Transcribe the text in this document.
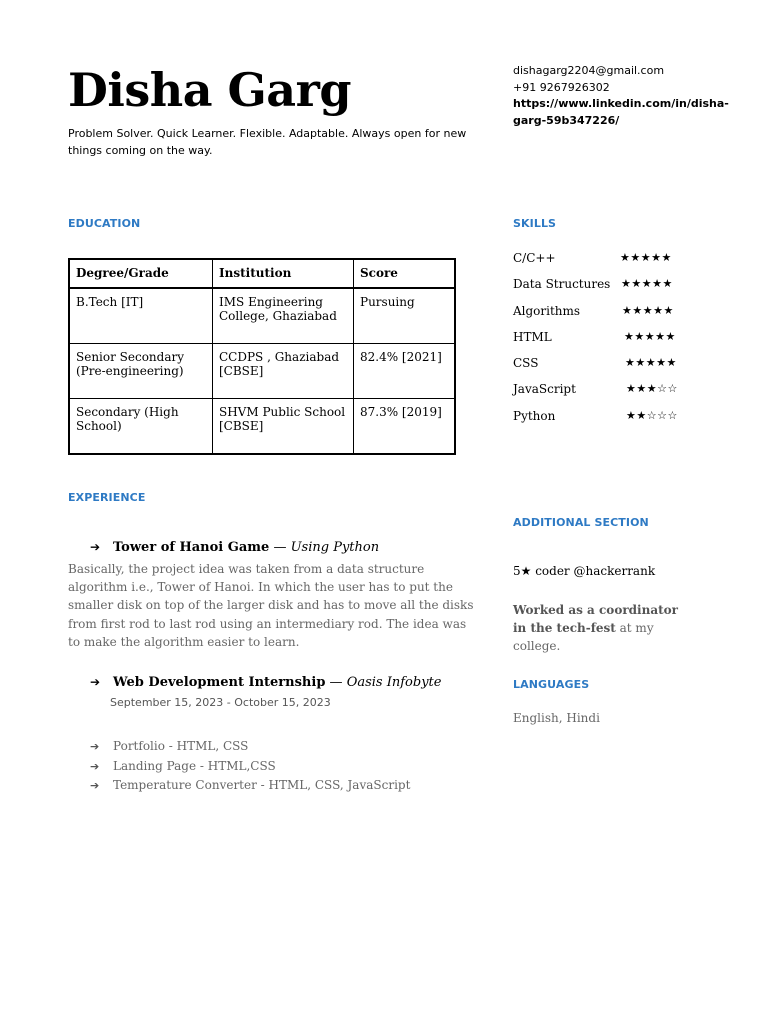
Disha Garg

Problem Solver. Quick Learner. Flexible. Adaptable. Always open for new things coming on the way.

dishagarg2204@gmail.com
+91 9267926302
https://www.linkedin.com/in/disha-garg-59b347226/
EDUCATION
Degree/Grade	Institution	Score
B.Tech [IT]	IMS Engineering College, Ghaziabad	Pursuing
Senior Secondary (Pre-engineering)	CCDPS , Ghaziabad [CBSE]	82.4% [2021]
Secondary (High School)	SHVM Public School [CBSE]	87.3% [2019]
EXPERIENCE
➔ Tower of Hanoi Game — Using Python

Basically, the project idea was taken from a data structure algorithm i.e., Tower of Hanoi. In which the user has to put the smaller disk on top of the larger disk and has to move all the disks from first rod to last rod using an intermediary rod. The idea was to make the algorithm easier to learn.

➔ Web Development Internship — Oasis Infobyte
September 15, 2023 - October 15, 2023
➔ Portfolio - HTML, CSS
➔ Landing Page - HTML,CSS
➔ Temperature Converter - HTML, CSS, JavaScript
SKILLS
C/C++	★★★★★
Data Structures ★★★★★
Algorithms	★★★★★
HTML	★★★★★
CSS	★★★★★
JavaScript	★★★☆☆
Python	★★☆☆☆
ADDITIONAL SECTION
5★ coder @hackerrank

Worked as a coordinator in the tech-fest at my college.

LANGUAGES
English, Hindi
